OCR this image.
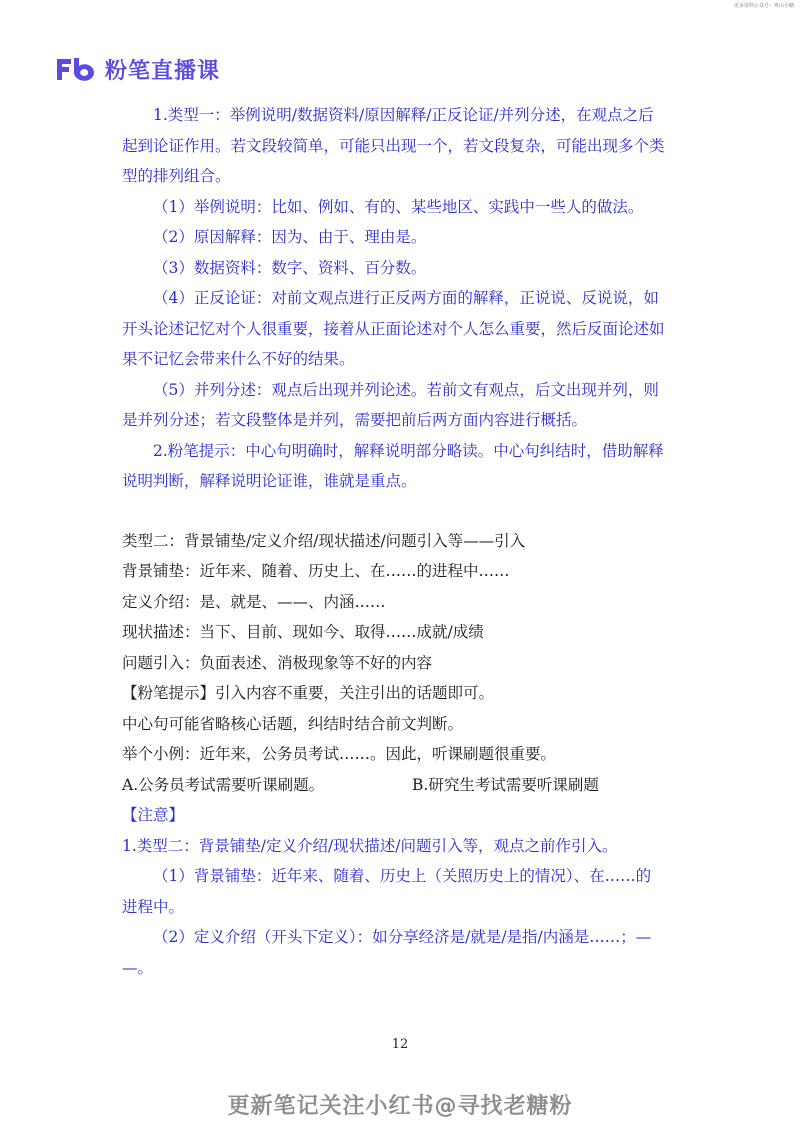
更多资料公众号：粤山小糖
粉笔直播课
1.类型一：举例说明/数据资料/原因解释/正反论证/并列分述，在观点之后
起到论证作用。若文段较简单，可能只出现一个，若文段复杂，可能出现多个类
型的排列组合。
（1）举例说明：比如、例如、有的、某些地区、实践中一些人的做法。
（2）原因解释：因为、由于、理由是。
（3）数据资料：数字、资料、百分数。
（4）正反论证：对前文观点进行正反两方面的解释，正说说、反说说，如
开头论述记忆对个人很重要，接着从正面论述对个人怎么重要，然后反面论述如
果不记忆会带来什么不好的结果。
（5）并列分述：观点后出现并列论述。若前文有观点，后文出现并列，则
是并列分述；若文段整体是并列，需要把前后两方面内容进行概括。
2.粉笔提示：中心句明确时，解释说明部分略读。中心句纠结时，借助解释
说明判断，解释说明论证谁，谁就是重点。
类型二：背景铺垫/定义介绍/现状描述/问题引入等——引入
背景铺垫：近年来、随着、历史上、在……的进程中……
定义介绍：是、就是、——、内涵……
现状描述：当下、目前、现如今、取得……成就/成绩
问题引入：负面表述、消极现象等不好的内容
【粉笔提示】引入内容不重要，关注引出的话题即可。
中心句可能省略核心话题，纠结时结合前文判断。
举个小例：近年来，公务员考试……。因此，听课刷题很重要。
A.公务员考试需要听课刷题。	B.研究生考试需要听课刷题
【注意】
1.类型二：背景铺垫/定义介绍/现状描述/问题引入等，观点之前作引入。
（1）背景铺垫：近年来、随着、历史上（关照历史上的情况）、在……的
进程中。
（2）定义介绍（开头下定义）：如分享经济是/就是/是指/内涵是……；—
—。
12
更新笔记关注小红书@寻找老糖粉
